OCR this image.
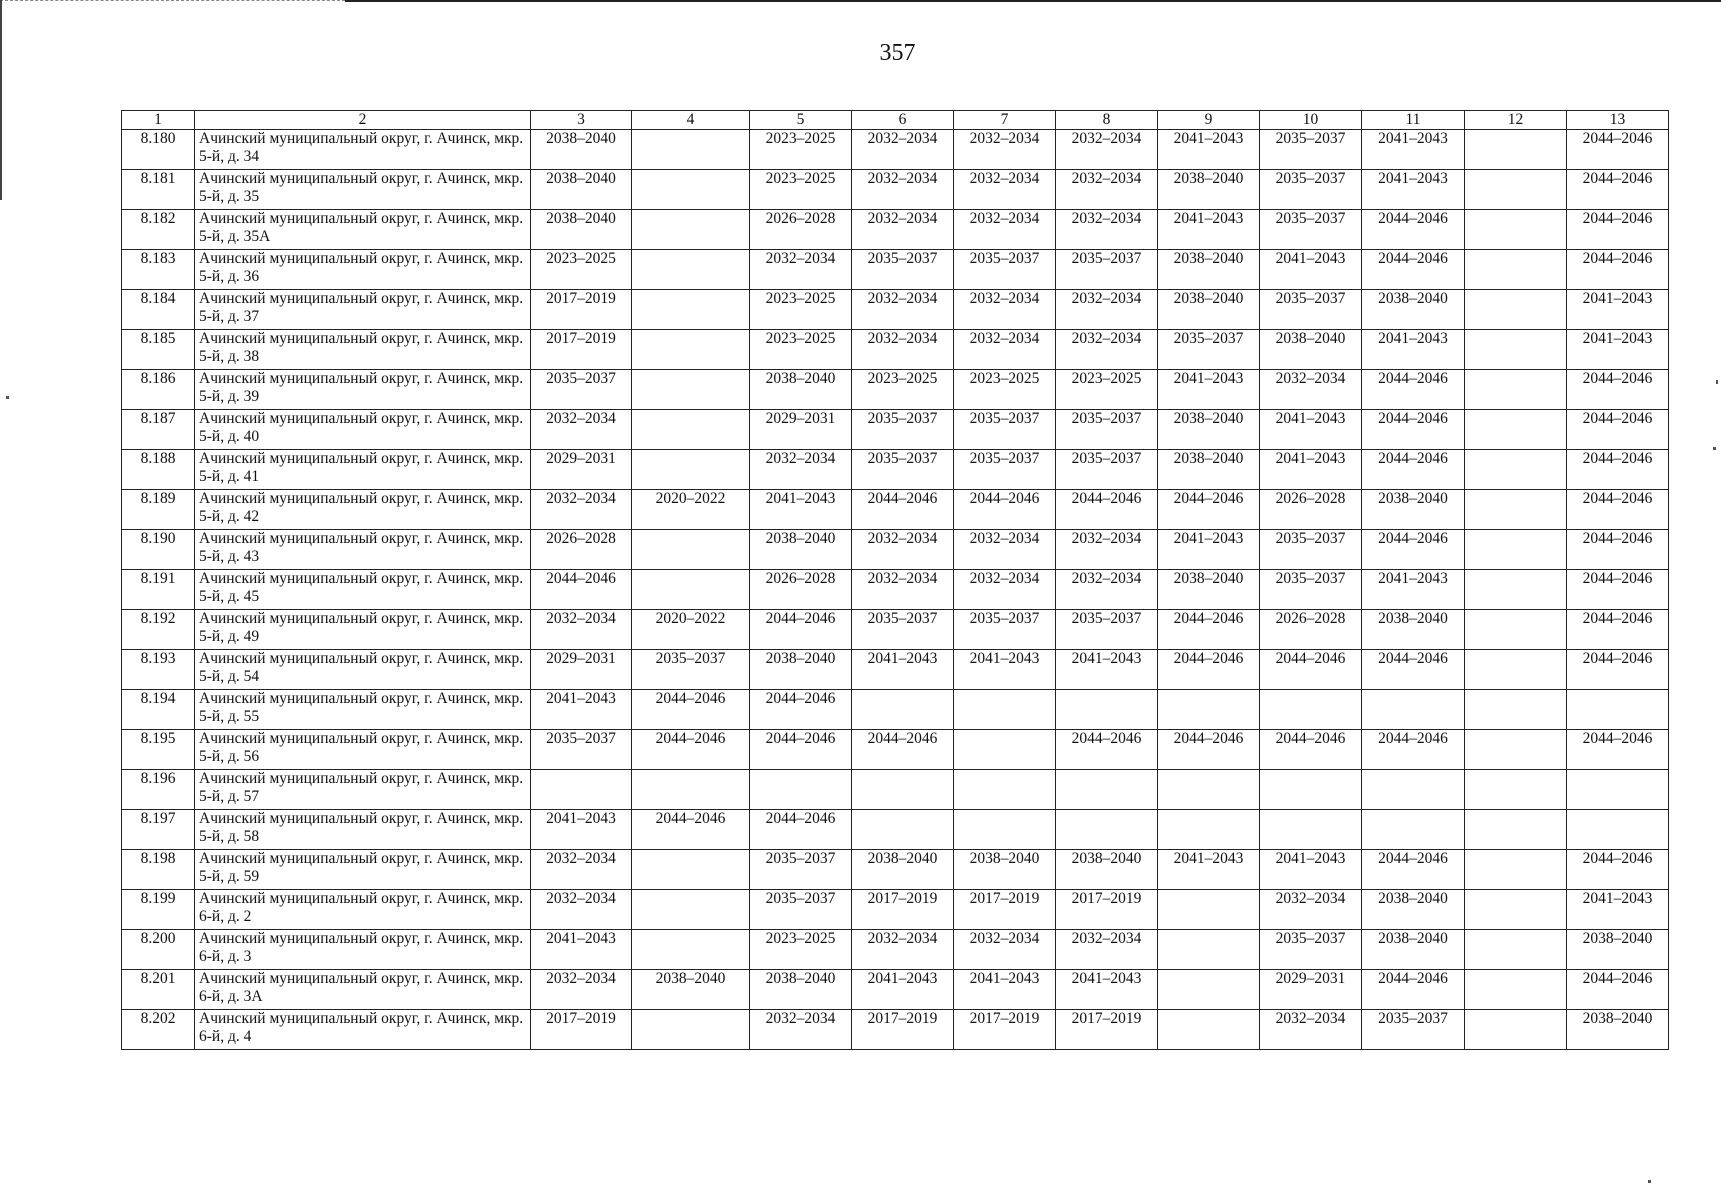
357
1	2	3	4	5	6	7	8	9	10	11	12	13
8.180	Ачинский муниципальный округ, г. Ачинск, мкр. 5-й, д. 34	2038–2040		2023–2025	2032–2034	2032–2034	2032–2034	2041–2043	2035–2037	2041–2043		2044–2046
8.181	Ачинский муниципальный округ, г. Ачинск, мкр. 5-й, д. 35	2038–2040		2023–2025	2032–2034	2032–2034	2032–2034	2038–2040	2035–2037	2041–2043		2044–2046
8.182	Ачинский муниципальный округ, г. Ачинск, мкр. 5-й, д. 35А	2038–2040		2026–2028	2032–2034	2032–2034	2032–2034	2041–2043	2035–2037	2044–2046		2044–2046
8.183	Ачинский муниципальный округ, г. Ачинск, мкр. 5-й, д. 36	2023–2025		2032–2034	2035–2037	2035–2037	2035–2037	2038–2040	2041–2043	2044–2046		2044–2046
8.184	Ачинский муниципальный округ, г. Ачинск, мкр. 5-й, д. 37	2017–2019		2023–2025	2032–2034	2032–2034	2032–2034	2038–2040	2035–2037	2038–2040		2041–2043
8.185	Ачинский муниципальный округ, г. Ачинск, мкр. 5-й, д. 38	2017–2019		2023–2025	2032–2034	2032–2034	2032–2034	2035–2037	2038–2040	2041–2043		2041–2043
8.186	Ачинский муниципальный округ, г. Ачинск, мкр. 5-й, д. 39	2035–2037		2038–2040	2023–2025	2023–2025	2023–2025	2041–2043	2032–2034	2044–2046		2044–2046
8.187	Ачинский муниципальный округ, г. Ачинск, мкр. 5-й, д. 40	2032–2034		2029–2031	2035–2037	2035–2037	2035–2037	2038–2040	2041–2043	2044–2046		2044–2046
8.188	Ачинский муниципальный округ, г. Ачинск, мкр. 5-й, д. 41	2029–2031		2032–2034	2035–2037	2035–2037	2035–2037	2038–2040	2041–2043	2044–2046		2044–2046
8.189	Ачинский муниципальный округ, г. Ачинск, мкр. 5-й, д. 42	2032–2034	2020–2022	2041–2043	2044–2046	2044–2046	2044–2046	2044–2046	2026–2028	2038–2040		2044–2046
8.190	Ачинский муниципальный округ, г. Ачинск, мкр. 5-й, д. 43	2026–2028		2038–2040	2032–2034	2032–2034	2032–2034	2041–2043	2035–2037	2044–2046		2044–2046
8.191	Ачинский муниципальный округ, г. Ачинск, мкр. 5-й, д. 45	2044–2046		2026–2028	2032–2034	2032–2034	2032–2034	2038–2040	2035–2037	2041–2043		2044–2046
8.192	Ачинский муниципальный округ, г. Ачинск, мкр. 5-й, д. 49	2032–2034	2020–2022	2044–2046	2035–2037	2035–2037	2035–2037	2044–2046	2026–2028	2038–2040		2044–2046
8.193	Ачинский муниципальный округ, г. Ачинск, мкр. 5-й, д. 54	2029–2031	2035–2037	2038–2040	2041–2043	2041–2043	2041–2043	2044–2046	2044–2046	2044–2046		2044–2046
8.194	Ачинский муниципальный округ, г. Ачинск, мкр. 5-й, д. 55	2041–2043	2044–2046	2044–2046								
8.195	Ачинский муниципальный округ, г. Ачинск, мкр. 5-й, д. 56	2035–2037	2044–2046	2044–2046	2044–2046		2044–2046	2044–2046	2044–2046	2044–2046		2044–2046
8.196	Ачинский муниципальный округ, г. Ачинск, мкр. 5-й, д. 57											
8.197	Ачинский муниципальный округ, г. Ачинск, мкр. 5-й, д. 58	2041–2043	2044–2046	2044–2046								
8.198	Ачинский муниципальный округ, г. Ачинск, мкр. 5-й, д. 59	2032–2034		2035–2037	2038–2040	2038–2040	2038–2040	2041–2043	2041–2043	2044–2046		2044–2046
8.199	Ачинский муниципальный округ, г. Ачинск, мкр. 6-й, д. 2	2032–2034		2035–2037	2017–2019	2017–2019	2017–2019		2032–2034	2038–2040		2041–2043
8.200	Ачинский муниципальный округ, г. Ачинск, мкр. 6-й, д. 3	2041–2043		2023–2025	2032–2034	2032–2034	2032–2034		2035–2037	2038–2040		2038–2040
8.201	Ачинский муниципальный округ, г. Ачинск, мкр. 6-й, д. 3А	2032–2034	2038–2040	2038–2040	2041–2043	2041–2043	2041–2043		2029–2031	2044–2046		2044–2046
8.202	Ачинский муниципальный округ, г. Ачинск, мкр. 6-й, д. 4	2017–2019		2032–2034	2017–2019	2017–2019	2017–2019		2032–2034	2035–2037		2038–2040
